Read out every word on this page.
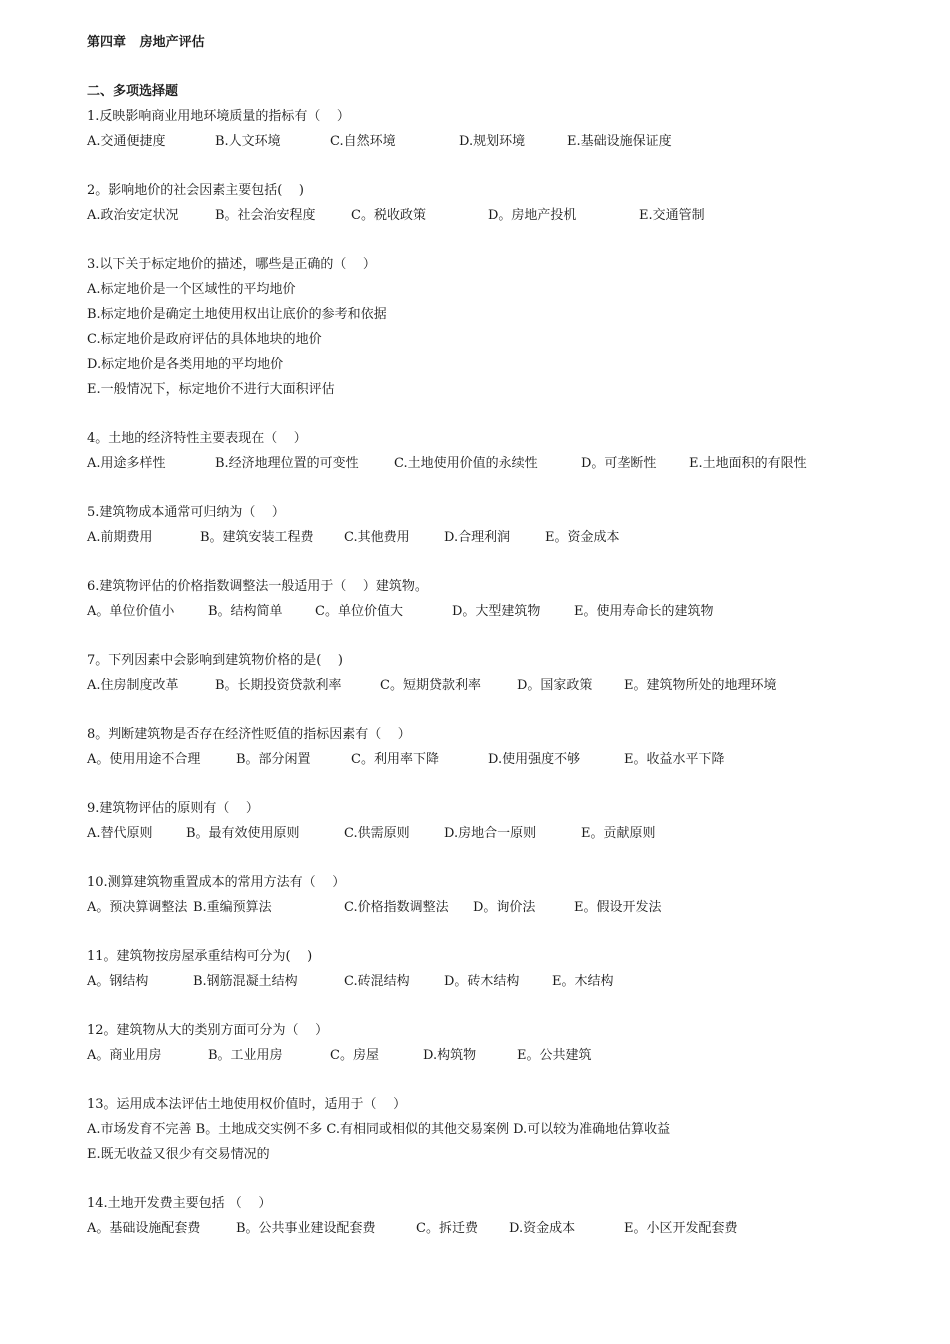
第四章   房地产评估
二、多项选择题
1.反映影响商业用地环境质量的指标有（    ）
A.交通便捷度	B.人文环境	C.自然环境	D.规划环境	E.基础设施保证度
2。影响地价的社会因素主要包括(    )
A.政治安定状况	B。社会治安程度	C。税收政策	D。房地产投机	E.交通管制
3.以下关于标定地价的描述，哪些是正确的（    ）
A.标定地价是一个区域性的平均地价
B.标定地价是确定土地使用权出让底价的参考和依据
C.标定地价是政府评估的具体地块的地价
D.标定地价是各类用地的平均地价
E.一般情况下，标定地价不进行大面积评估
4。土地的经济特性主要表现在（    ）
A.用途多样性	B.经济地理位置的可变性	C.土地使用价值的永续性	D。可垄断性	E.土地面积的有限性
5.建筑物成本通常可归纳为（    ）
A.前期费用	B。建筑安装工程费 C.其他费用	D.合理利润	E。资金成本
6.建筑物评估的价格指数调整法一般适用于（    ）建筑物。
A。单位价值小	B。结构简单 C。单位价值大	D。大型建筑物	E。使用寿命长的建筑物
7。下列因素中会影响到建筑物价格的是(    )
A.住房制度改革	B。长期投资贷款利率	C。短期贷款利率	D。国家政策 E。建筑物所处的地理环境
8。判断建筑物是否存在经济性贬值的指标因素有（    ）
A。使用用途不合理	B。部分闲置	C。利用率下降	D.使用强度不够	E。收益水平下降
9.建筑物评估的原则有（    ）
A.替代原则	B。最有效使用原则	C.供需原则	D.房地合一原则	E。贡献原则
10.测算建筑物重置成本的常用方法有（    ）
A。预决算调整法 B.重编预算法	C.价格指数调整法 D。询价法	E。假设开发法
11。建筑物按房屋承重结构可分为(    )
A。钢结构	B.钢筋混凝土结构	C.砖混结构	D。砖木结构	E。木结构
12。建筑物从大的类别方面可分为（    ）
A。商业用房	B。工业用房	C。房屋	D.构筑物	E。公共建筑
13。运用成本法评估土地使用权价值时，适用于（    ）
A.市场发育不完善 B。土地成交实例不多 C.有相同或相似的其他交易案例 D.可以较为准确地估算收益
E.既无收益又很少有交易情况的
14.土地开发费主要包括 （    ）
A。基础设施配套费	B。公共事业建设配套费	C。拆迁费 D.资金成本	E。小区开发配套费
